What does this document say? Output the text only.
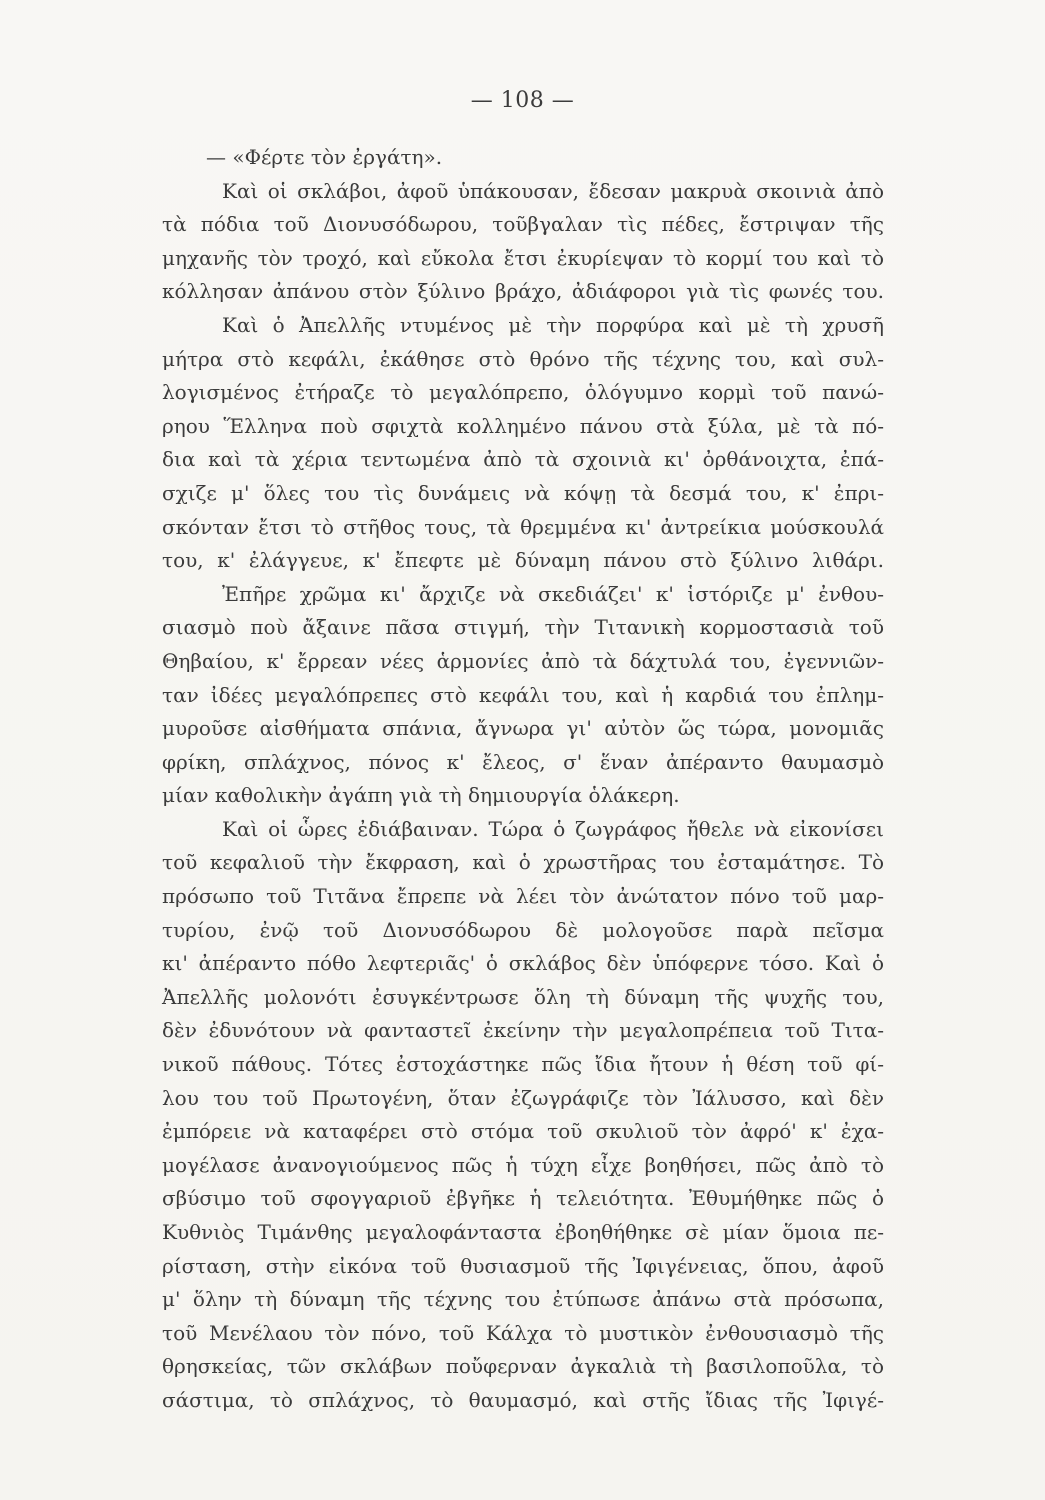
— 108 —
— «Φέρτε τὸν ἐργάτη».
Καὶ οἱ σκλάβοι, ἀφοῦ ὑπάκουσαν, ἔδεσαν μακρυὰ σκοινιὰ ἀπὸ
τὰ πόδια τοῦ Διονυσόδωρου, τοῦβγαλαν τὶς πέδες, ἔστριψαν τῆς
μηχανῆς τὸν τροχό, καὶ εὔκολα ἔτσι ἐκυρίεψαν τὸ κορμί του καὶ τὸ
κόλλησαν ἀπάνου στὸν ξύλινο βράχο, ἀδιάφοροι γιὰ τὶς φωνές του.
Καὶ ὁ Ἀπελλῆς ντυμένος μὲ τὴν πορφύρα καὶ μὲ τὴ χρυσῆ
μήτρα στὸ κεφάλι, ἐκάθησε στὸ θρόνο τῆς τέχνης του, καὶ συλ-
λογισμένος ἐτήραζε τὸ μεγαλόπρεπο, ὁλόγυμνο κορμὶ τοῦ πανώ-
ρηου Ἕλληνα ποὺ σφιχτὰ κολλημένο πάνου στὰ ξύλα, μὲ τὰ πό-
δια καὶ τὰ χέρια τεντωμένα ἀπὸ τὰ σχοινιὰ κι' ὀρθάνοιχτα, ἐπά-
σχιζε μ' ὅλες του τὶς δυνάμεις νὰ κόψῃ τὰ δεσμά του, κ' ἐπρι-
σκόνταν ἔτσι τὸ στῆθος τους, τὰ θρεμμένα κι' ἀντρείκια μούσκουλά
του, κ' ἐλάγγευε, κ' ἔπεφτε μὲ δύναμη πάνου στὸ ξύλινο λιθάρι.
Ἐπῆρε χρῶμα κι' ἄρχιζε νὰ σκεδιάζει' κ' ἱστόριζε μ' ἐνθου-
σιασμὸ ποὺ ἄξαινε πᾶσα στιγμή, τὴν Τιτανικὴ κορμοστασιὰ τοῦ
Θηβαίου, κ' ἔρρεαν νέες ἁρμονίες ἀπὸ τὰ δάχτυλά του, ἐγεννιῶν-
ταν ἰδέες μεγαλόπρεπες στὸ κεφάλι του, καὶ ἡ καρδιά του ἐπλημ-
μυροῦσε αἰσθήματα σπάνια, ἄγνωρα γι' αὐτὸν ὥς τώρα, μονομιᾶς
φρίκη, σπλάχνος, πόνος κ' ἔλεος, σ' ἕναν ἀπέραντο θαυμασμὸ
μίαν καθολικὴν ἀγάπη γιὰ τὴ δημιουργία ὁλάκερη.
Καὶ οἱ ὧρες ἐδιάβαιναν. Τώρα ὁ ζωγράφος ἤθελε νὰ εἰκονίσει
τοῦ κεφαλιοῦ τὴν ἔκφραση, καὶ ὁ χρωστῆρας του ἐσταμάτησε. Τὸ
πρόσωπο τοῦ Τιτᾶνα ἔπρεπε νὰ λέει τὸν ἀνώτατον πόνο τοῦ μαρ-
τυρίου, ἐνῷ τοῦ Διονυσόδωρου δὲ μολογοῦσε παρὰ πεῖσμα
κι' ἀπέραντο πόθο λεφτεριᾶς' ὁ σκλάβος δὲν ὑπόφερνε τόσο. Καὶ ὁ
Ἀπελλῆς μολονότι ἐσυγκέντρωσε ὅλη τὴ δύναμη τῆς ψυχῆς του,
δὲν ἐδυνότουν νὰ φανταστεῖ ἐκείνην τὴν μεγαλοπρέπεια τοῦ Τιτα-
νικοῦ πάθους. Τότες ἐστοχάστηκε πῶς ἴδια ἤτουν ἡ θέση τοῦ φί-
λου του τοῦ Πρωτογένη, ὅταν ἐζωγράφιζε τὸν Ἰάλυσσο, καὶ δὲν
ἐμπόρειε νὰ καταφέρει στὸ στόμα τοῦ σκυλιοῦ τὸν ἀφρό' κ' ἐχα-
μογέλασε ἀνανογιούμενος πῶς ἡ τύχη εἶχε βοηθήσει, πῶς ἀπὸ τὸ
σβύσιμο τοῦ σφογγαριοῦ ἐβγῆκε ἡ τελειότητα. Ἐθυμήθηκε πῶς ὁ
Κυθνιὸς Τιμάνθης μεγαλοφάνταστα ἐβοηθήθηκε σὲ μίαν ὅμοια πε-
ρίσταση, στὴν εἰκόνα τοῦ θυσιασμοῦ τῆς Ἰφιγένειας, ὅπου, ἀφοῦ
μ' ὅλην τὴ δύναμη τῆς τέχνης του ἐτύπωσε ἀπάνω στὰ πρόσωπα,
τοῦ Μενέλαου τὸν πόνο, τοῦ Κάλχα τὸ μυστικὸν ἐνθουσιασμὸ τῆς
θρησκείας, τῶν σκλάβων ποὔφερναν ἀγκαλιὰ τὴ βασιλοποῦλα, τὸ
σάστιμα, τὸ σπλάχνος, τὸ θαυμασμό, καὶ στῆς ἴδιας τῆς Ἰφιγέ-
